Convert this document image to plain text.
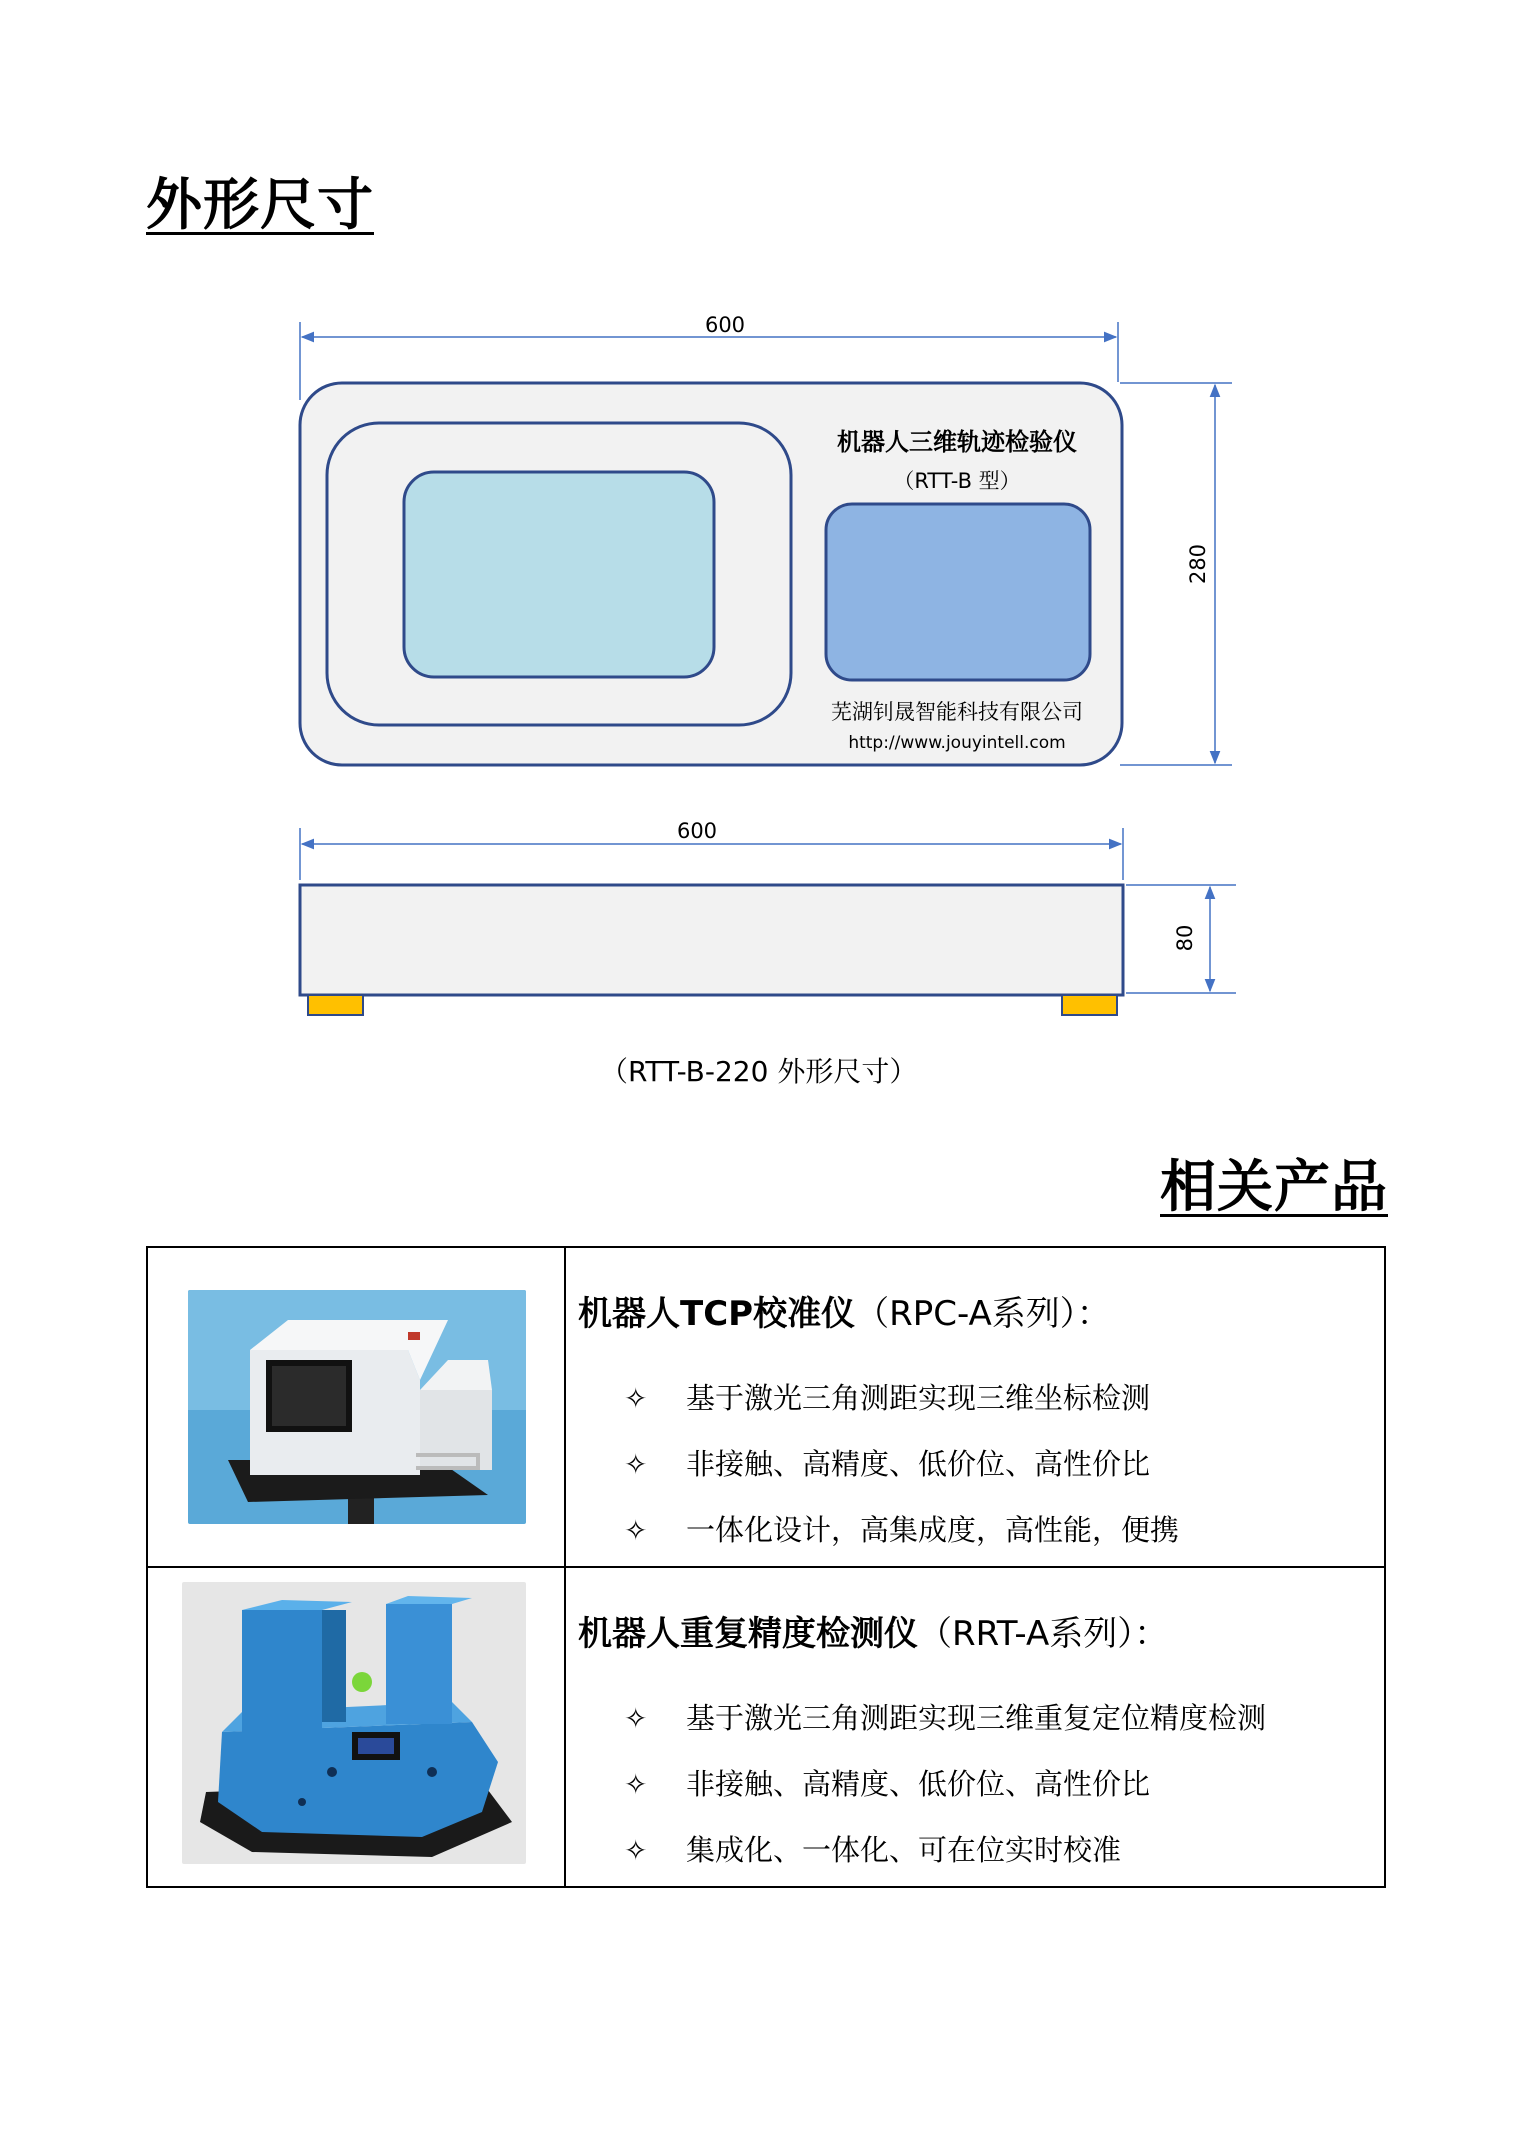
外形尺寸
600
280
机器人三维轨迹检验仪
（RTT-B 型）
芜湖钊晟智能科技有限公司
http://www.jouyintell.com
600
80
（RTT-B-220 外形尺寸）
相关产品

机器人TCP校准仪（RPC-A系列）：
✧ 基于激光三角测距实现三维坐标检测
✧ 非接触、高精度、低价位、高性价比
✧ 一体化设计，高集成度，高性能，便携

机器人重复精度检测仪（RRT-A系列）：
✧ 基于激光三角测距实现三维重复定位精度检测
✧ 非接触、高精度、低价位、高性价比
✧ 集成化、一体化、可在位实时校准
